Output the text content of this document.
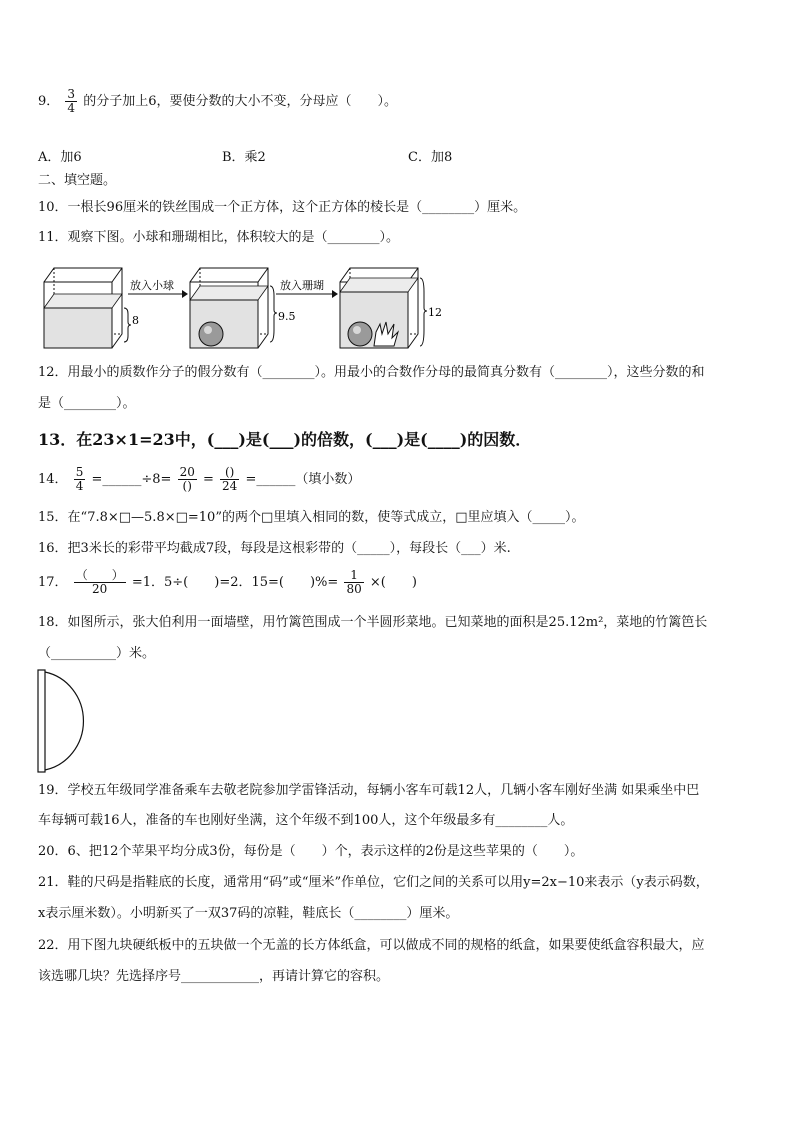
9． $\frac{3}{4}$ 的分子加上6，要使分数的大小不变，分母应（　　）。
A．加6	B．乘2	C．加8
二、填空题。
10．一根长96厘米的铁丝围成一个正方体，这个正方体的棱长是（________）厘米。
11．观察下图。小球和珊瑚相比，体积较大的是（________）。
放入小球	放入珊瑚
8	9.5	12
12．用最小的质数作分子的假分数有（________）。用最小的合数作分母的最简真分数有（________），这些分数的和
是（________）。
13．在23×1=23中，(___)是(___)的倍数，(___)是(____)的因数．
14． $\frac{5}{4}$ =______÷8= $\frac{20}{()} = \frac{()}{24}$ =______（填小数）
15．在“7.8×□—5.8×□=10”的两个□里填入相同的数，使等式成立，□里应填入（_____）。
16．把3米长的彩带平均截成7段，每段是这根彩带的（_____），每段长（___）米.
17． $\frac{( )}{20} =1$．5÷(　　)=2．15=(　　)%= $\frac{1}{80}$ ×(　　)
18．如图所示，张大伯利用一面墙壁，用竹篱笆围成一个半圆形菜地。已知菜地的面积是25.12m²，菜地的竹篱笆长
（__________）米。
19．学校五年级同学准备乘车去敬老院参加学雷锋活动，每辆小客车可载12人，几辆小客车刚好坐满 如果乘坐中巴
车每辆可载16人，准备的车也刚好坐满，这个年级不到100人，这个年级最多有________人。
20．6、把12个苹果平均分成3份，每份是（　　）个，表示这样的2份是这些苹果的（　　）。
21．鞋的尺码是指鞋底的长度，通常用“码”或“厘米”作单位，它们之间的关系可以用y=2x−10来表示（y表示码数，
x表示厘米数）。小明新买了一双37码的凉鞋，鞋底长（________）厘米。
22．用下图九块硬纸板中的五块做一个无盖的长方体纸盒，可以做成不同的规格的纸盒，如果要使纸盒容积最大，应
该选哪几块？先选择序号____________，再请计算它的容积。
